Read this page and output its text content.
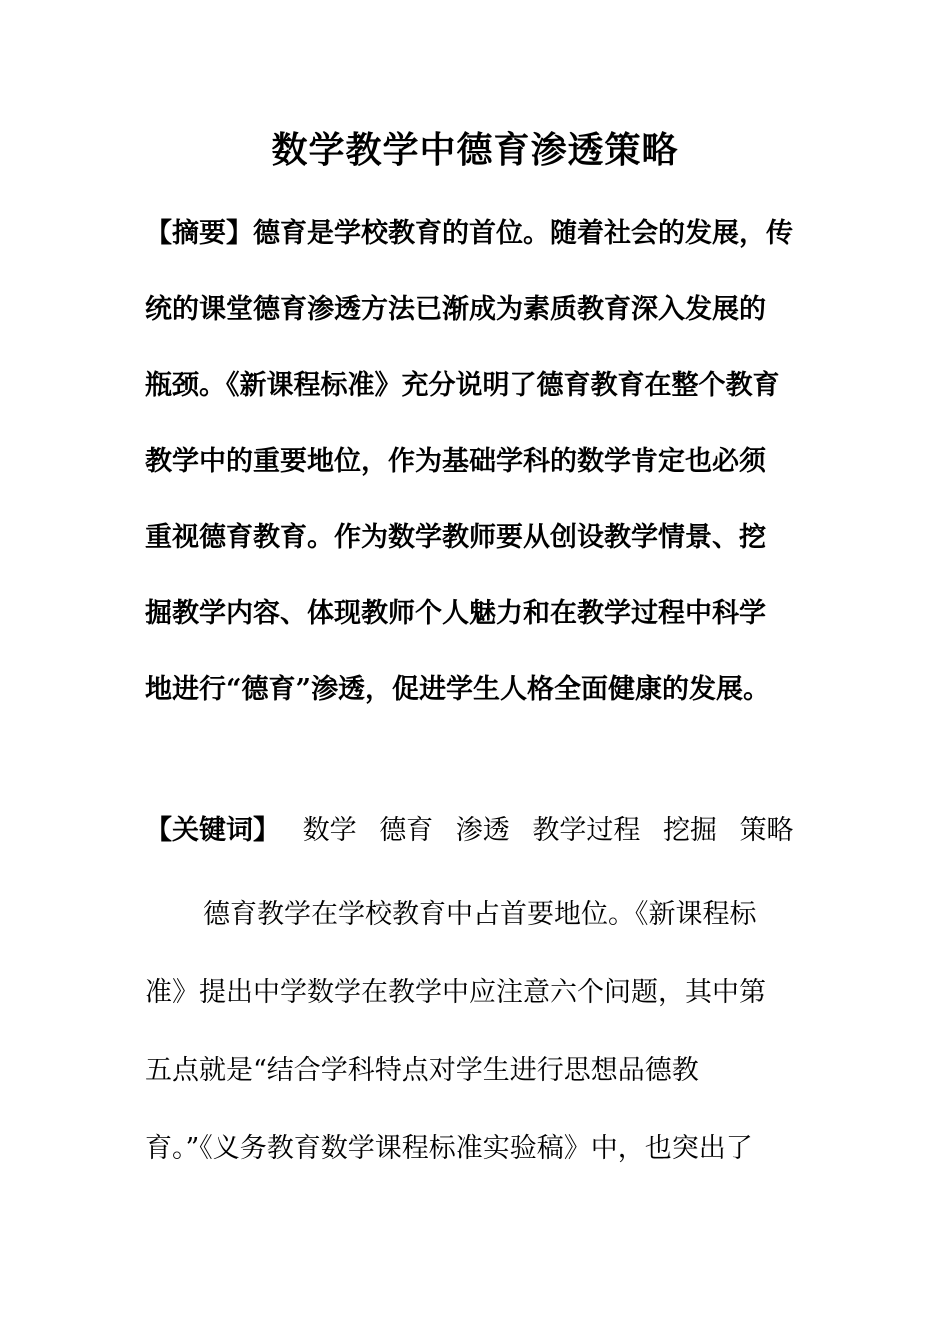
数学教学中德育渗透策略
【摘要】德育是学校教育的首位。随着社会的发展，传
统的课堂德育渗透方法已渐成为素质教育深入发展的
瓶颈。《新课程标准》充分说明了德育教育在整个教育
教学中的重要地位，作为基础学科的数学肯定也必须
重视德育教育。作为数学教师要从创设教学情景、挖
掘教学内容、体现教师个人魅力和在教学过程中科学
地进行“德育”渗透，促进学生人格全面健康的发展。
【关键词】 数学 德育 渗透 教学过程 挖掘 策略
德育教学在学校教育中占首要地位。《新课程标
准》提出中学数学在教学中应注意六个问题，其中第
五点就是“结合学科特点对学生进行思想品德教
育。”《义务教育数学课程标准实验稿》中，也突出了
